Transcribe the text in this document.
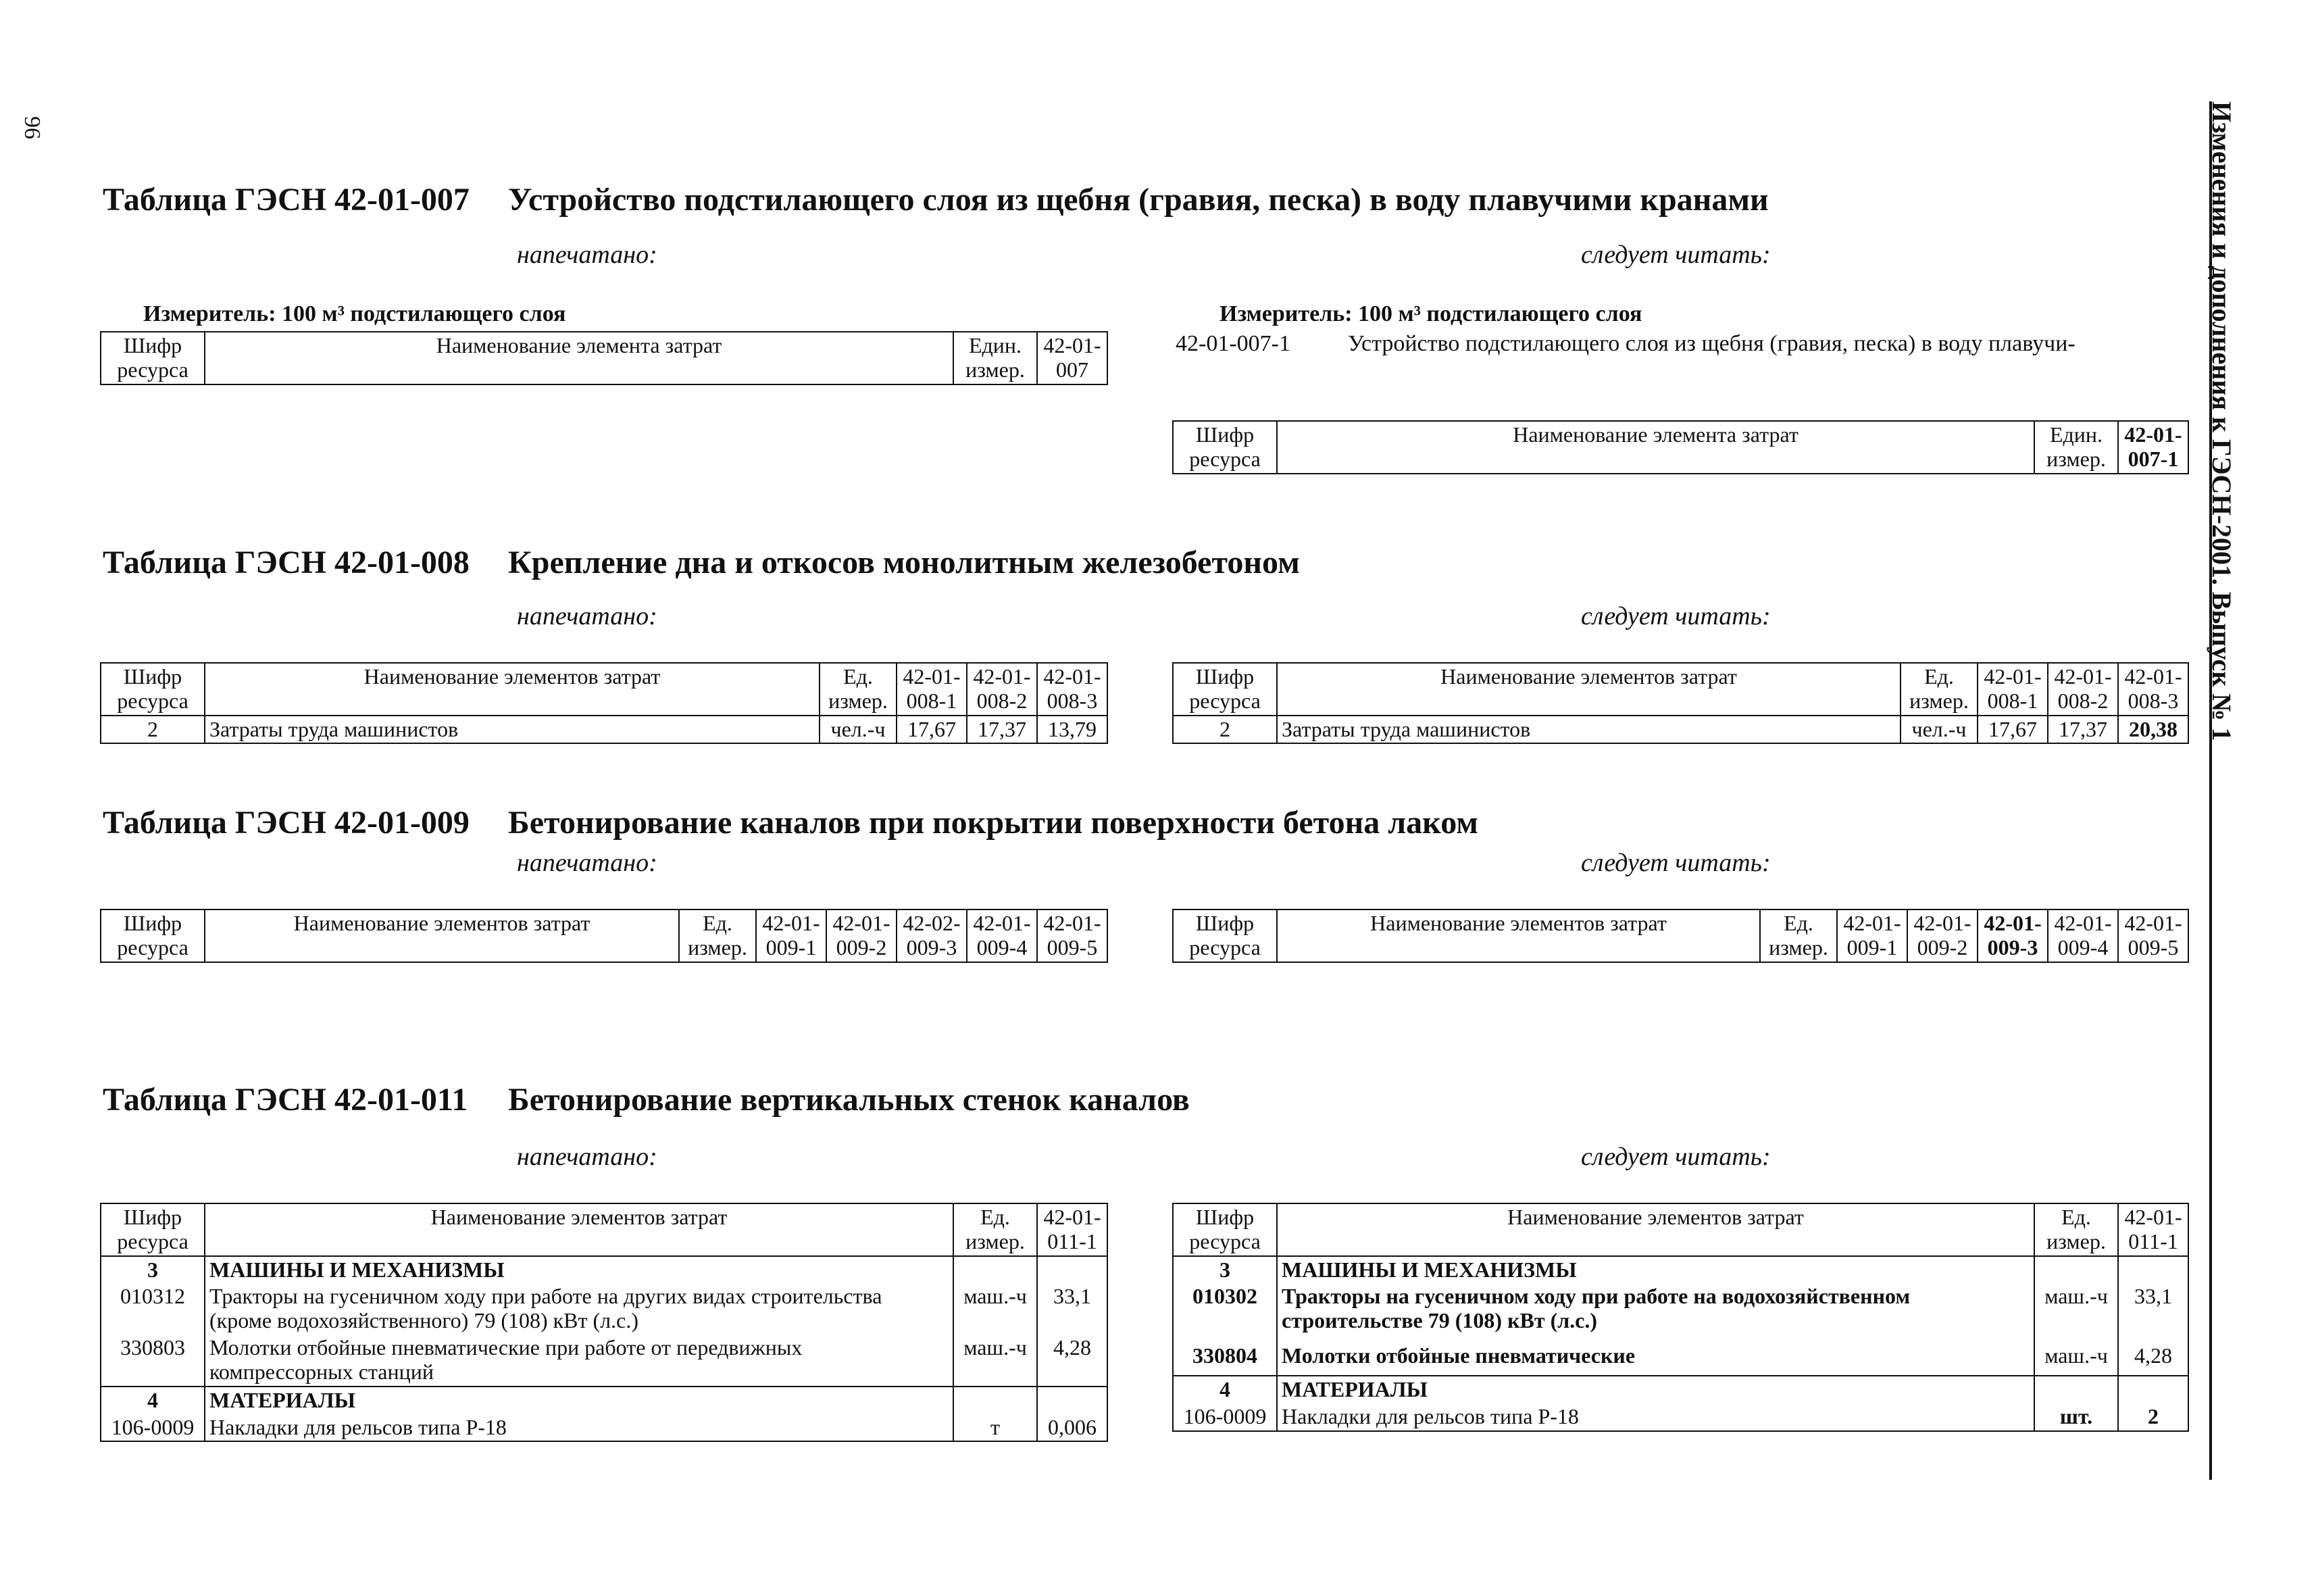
96	Изменения и дополнения к ГЭСН-2001. Выпуск № 1
Таблица ГЭСН 42-01-007 Устройство подстилающего слоя из щебня (гравия, песка) в воду плавучими кранами
напечатано:	следует читать:
Измеритель: 100 м³ подстилающего слоя
Шифр ресурса	Наименование элемента затрат	Един. измер.	42-01-007
Измеритель: 100 м³ подстилающего слоя
42-01-007-1	Устройство подстилающего слоя из щебня (гравия, песка) в воду плавучи-
Шифр ресурса	Наименование элемента затрат	Един. измер.	42-01-007-1
Таблица ГЭСН 42-01-008 Крепление дна и откосов монолитным железобетоном
напечатано:	следует читать:
Шифр ресурса	Наименование элементов затрат	Ед. измер.	42-01-008-1	42-01-008-2	42-01-008-3
2	Затраты труда машинистов	чел.-ч	17,67	17,37	13,79
Шифр ресурса	Наименование элементов затрат	Ед. измер.	42-01-008-1	42-01-008-2	42-01-008-3
2	Затраты труда машинистов	чел.-ч	17,67	17,37	20,38
Таблица ГЭСН 42-01-009 Бетонирование каналов при покрытии поверхности бетона лаком
напечатано:	следует читать:
Шифр ресурса	Наименование элементов затрат	Ед. измер.	42-01-009-1	42-01-009-2	42-02-009-3	42-01-009-4	42-01-009-5
Шифр ресурса	Наименование элементов затрат	Ед. измер.	42-01-009-1	42-01-009-2	42-01-009-3	42-01-009-4	42-01-009-5
Таблица ГЭСН 42-01-011 Бетонирование вертикальных стенок каналов
напечатано:	следует читать:
Шифр ресурса	Наименование элементов затрат	Ед. измер.	42-01-011-1
3	МАШИНЫ И МЕХАНИЗМЫ		
010312	Тракторы на гусеничном ходу при работе на других видах строительства (кроме водохозяйственного) 79 (108) кВт (л.с.)	маш.-ч	33,1
330803	Молотки отбойные пневматические при работе от передвижных компрессорных станций	маш.-ч	4,28
4	МАТЕРИАЛЫ		
106-0009	Накладки для рельсов типа Р-18	т	0,006
Шифр ресурса	Наименование элементов затрат	Ед. измер.	42-01-011-1
3	МАШИНЫ И МЕХАНИЗМЫ		
010302	Тракторы на гусеничном ходу при работе на водохозяйственном строительстве 79 (108) кВт (л.с.)	маш.-ч	33,1
330804	Молотки отбойные пневматические	маш.-ч	4,28
4	МАТЕРИАЛЫ		
106-0009	Накладки для рельсов типа Р-18	шт.	2
